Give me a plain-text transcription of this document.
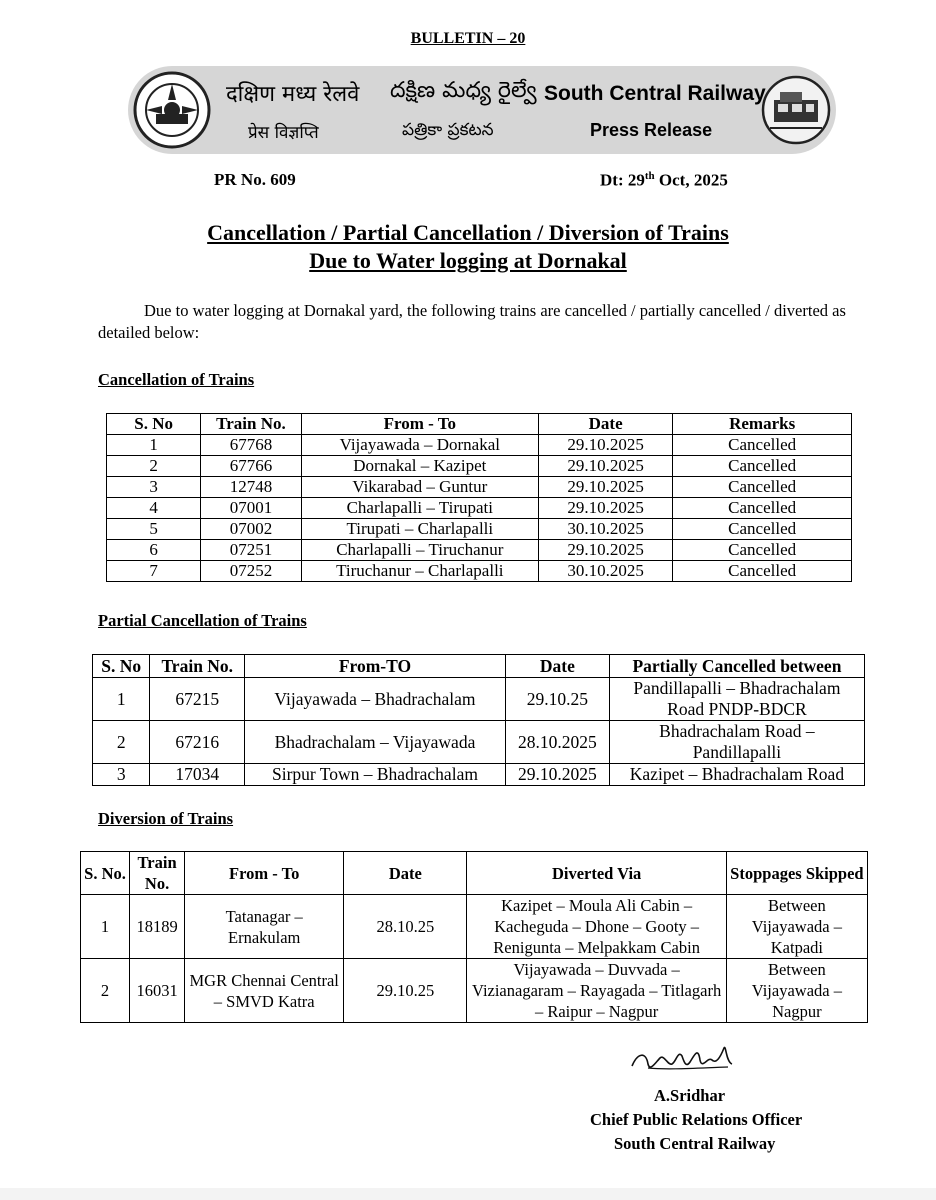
BULLETIN – 20
दक्षिण मध्य रेलवे దక్షిణ మధ్య రైల్వే South Central Railway
प्रेस विज्ञप्ति	పత్రికా ప్రకటన	Press Release
PR No. 609	Dt: 29th Oct, 2025
Cancellation / Partial Cancellation / Diversion of Trains
Due to Water logging at Dornakal
Due to water logging at Dornakal yard, the following trains are cancelled / partially cancelled / diverted as detailed below:
Cancellation of Trains
S. No	Train No.	From - To	Date	Remarks
1	67768	Vijayawada – Dornakal	29.10.2025	Cancelled
2	67766	Dornakal – Kazipet	29.10.2025	Cancelled
3	12748	Vikarabad – Guntur	29.10.2025	Cancelled
4	07001	Charlapalli – Tirupati	29.10.2025	Cancelled
5	07002	Tirupati – Charlapalli	30.10.2025	Cancelled
6	07251	Charlapalli – Tiruchanur	29.10.2025	Cancelled
7	07252	Tiruchanur – Charlapalli	30.10.2025	Cancelled
Partial Cancellation of Trains
S. No	Train No.	From-TO	Date	Partially Cancelled between
1	67215	Vijayawada – Bhadrachalam	29.10.25	Pandillapalli – Bhadrachalam Road PNDP-BDCR
2	67216	Bhadrachalam – Vijayawada	28.10.2025	Bhadrachalam Road – Pandillapalli
3	17034	Sirpur Town – Bhadrachalam	29.10.2025	Kazipet – Bhadrachalam Road
Diversion of Trains
S. No.	Train No.	From - To	Date	Diverted Via	Stoppages Skipped
1	18189	Tatanagar – Ernakulam	28.10.25	Kazipet – Moula Ali Cabin – Kacheguda – Dhone – Gooty – Renigunta – Melpakkam Cabin	Between Vijayawada – Katpadi
2	16031	MGR Chennai Central – SMVD Katra	29.10.25	Vijayawada – Duvvada – Vizianagaram – Rayagada – Titlagarh – Raipur – Nagpur	Between Vijayawada – Nagpur
A.Sridhar
Chief Public Relations Officer
South Central Railway
